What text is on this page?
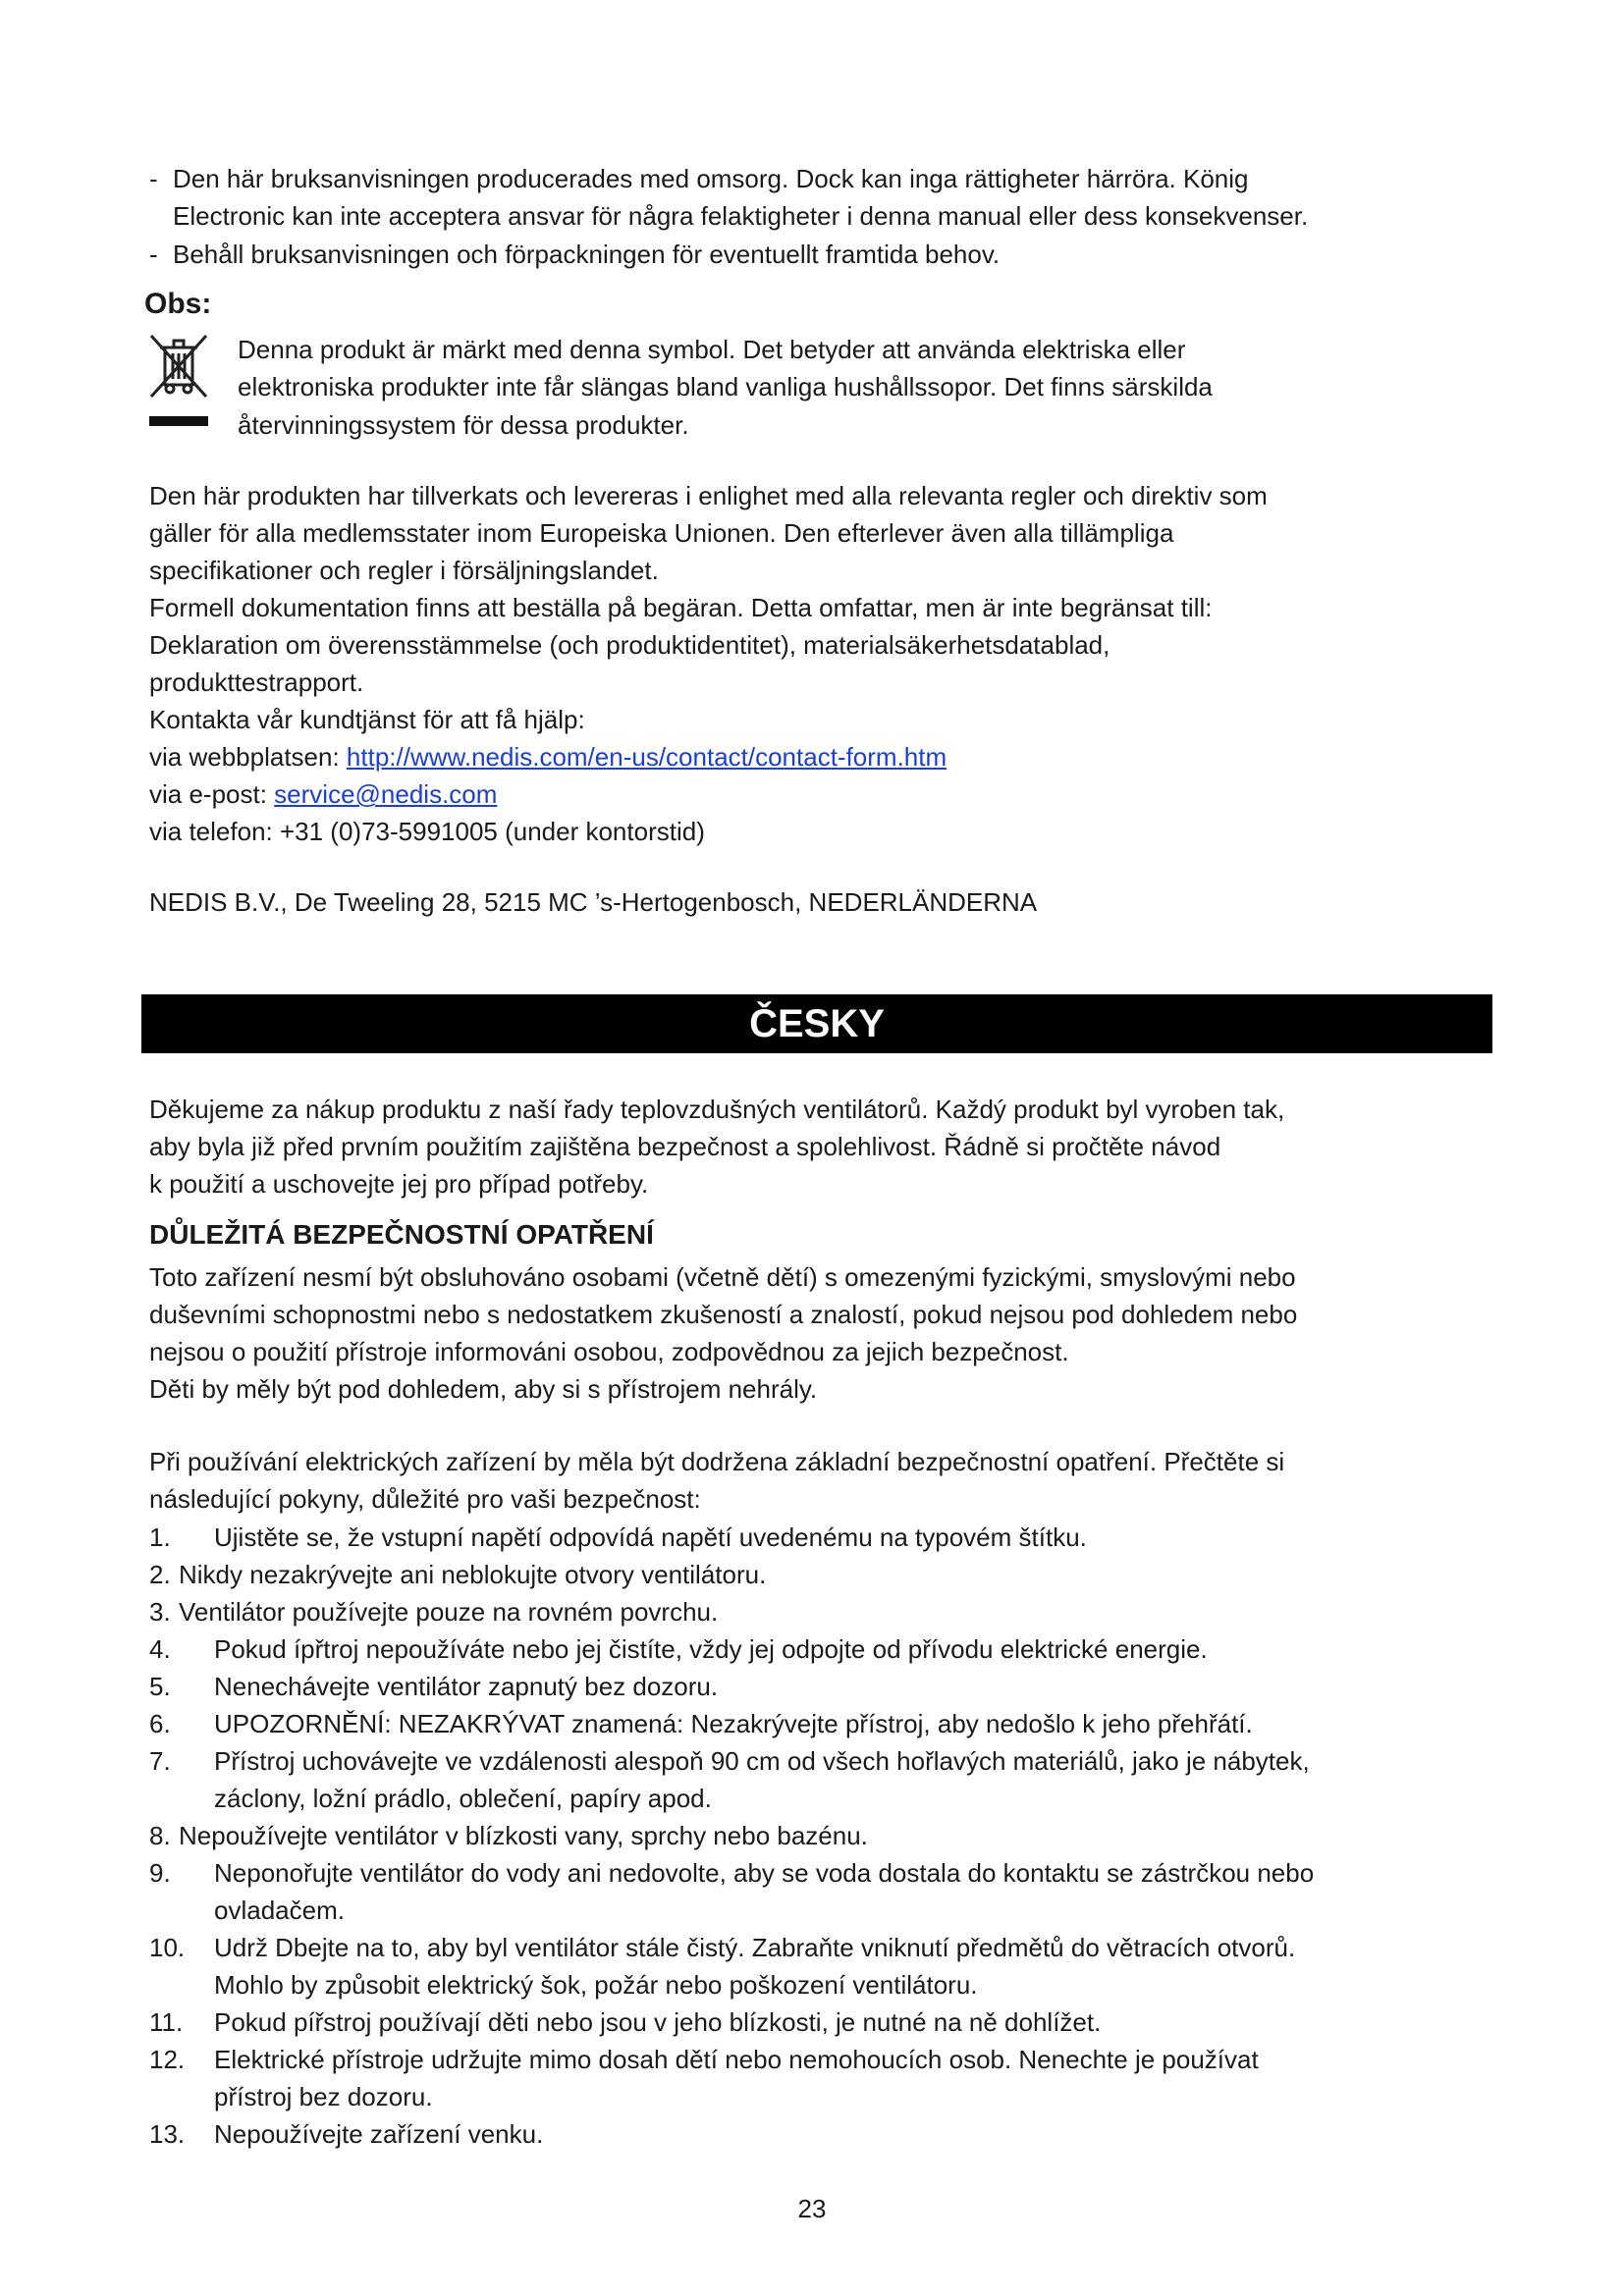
- Den här bruksanvisningen producerades med omsorg. Dock kan inga rättigheter härröra. König
Electronic kan inte acceptera ansvar för några felaktigheter i denna manual eller dess konsekvenser.
- Behåll bruksanvisningen och förpackningen för eventuellt framtida behov.
Obs:
Denna produkt är märkt med denna symbol. Det betyder att använda elektriska eller
elektroniska produkter inte får slängas bland vanliga hushållssopor. Det finns särskilda
återvinningssystem för dessa produkter.
Den här produkten har tillverkats och levereras i enlighet med alla relevanta regler och direktiv som
gäller för alla medlemsstater inom Europeiska Unionen. Den efterlever även alla tillämpliga
specifikationer och regler i försäljningslandet.
Formell dokumentation finns att beställa på begäran. Detta omfattar, men är inte begränsat till:
Deklaration om överensstämmelse (och produktidentitet), materialsäkerhetsdatablad,
produkttestrapport.
Kontakta vår kundtjänst för att få hjälp:
via webbplatsen: http://www.nedis.com/en-us/contact/contact-form.htm
via e-post: service@nedis.com
via telefon: +31 (0)73-5991005 (under kontorstid)
NEDIS B.V., De Tweeling 28, 5215 MC ’s-Hertogenbosch, NEDERLÄNDERNA
ČESKY
Děkujeme za nákup produktu z naší řady teplovzdušných ventilátorů. Každý produkt byl vyroben tak,
aby byla již před prvním použitím zajištěna bezpečnost a spolehlivost. Řádně si pročtěte návod
k použití a uschovejte jej pro případ potřeby.
DŮLEŽITÁ BEZPEČNOSTNÍ OPATŘENÍ
Toto zařízení nesmí být obsluhováno osobami (včetně dětí) s omezenými fyzickými, smyslovými nebo
duševními schopnostmi nebo s nedostatkem zkušeností a znalostí, pokud nejsou pod dohledem nebo
nejsou o použití přístroje informováni osobou, zodpovědnou za jejich bezpečnost.
Děti by měly být pod dohledem, aby si s přístrojem nehrály.
Při používání elektrických zařízení by měla být dodržena základní bezpečnostní opatření. Přečtěte si
následující pokyny, důležité pro vaši bezpečnost:
1. Ujistěte se, že vstupní napětí odpovídá napětí uvedenému na typovém štítku.
2. Nikdy nezakrývejte ani neblokujte otvory ventilátoru.
3. Ventilátor používejte pouze na rovném povrchu.
4. Pokud ípřtroj nepoužíváte nebo jej čistíte, vždy jej odpojte od přívodu elektrické energie.
5. Nenechávejte ventilátor zapnutý bez dozoru.
6. UPOZORNĚNÍ: NEZAKRÝVAT znamená: Nezakrývejte přístroj, aby nedošlo k jeho přehřátí.
7. Přístroj uchovávejte ve vzdálenosti alespoň 90 cm od všech hořlavých materiálů, jako je nábytek,
záclony, ložní prádlo, oblečení, papíry apod.
8. Nepoužívejte ventilátor v blízkosti vany, sprchy nebo bazénu.
9. Neponořujte ventilátor do vody ani nedovolte, aby se voda dostala do kontaktu se zástrčkou nebo
ovladačem.
10. Udrž Dbejte na to, aby byl ventilátor stále čistý. Zabraňte vniknutí předmětů do větracích otvorů.
Mohlo by způsobit elektrický šok, požár nebo poškození ventilátoru.
11. Pokud pířstroj používají děti nebo jsou v jeho blízkosti, je nutné na ně dohlížet.
12. Elektrické přístroje udržujte mimo dosah dětí nebo nemohoucích osob. Nenechte je používat
přístroj bez dozoru.
13. Nepoužívejte zařízení venku.
23
